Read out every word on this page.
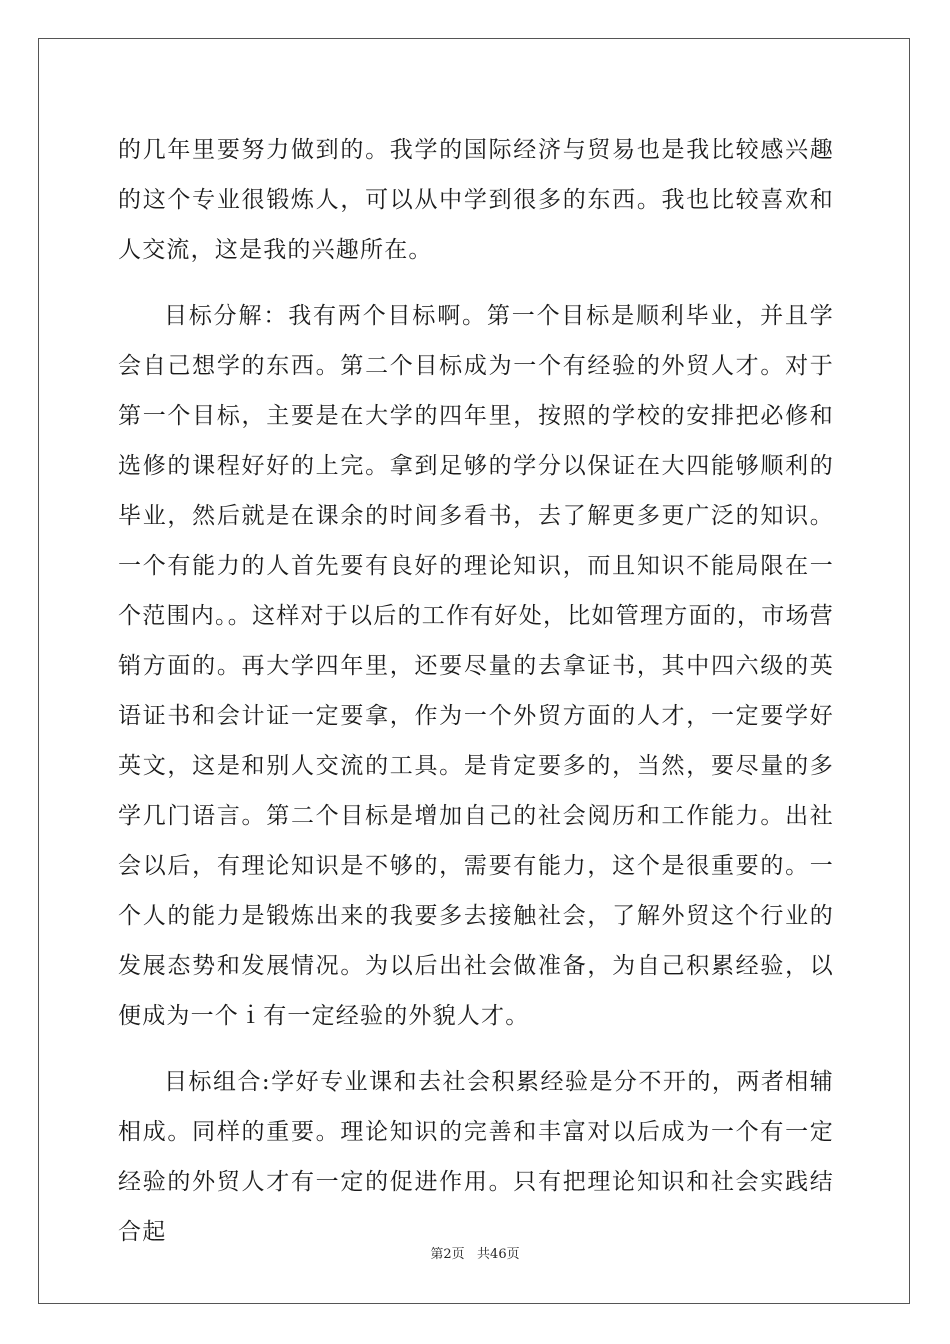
的几年里要努力做到的。我学的国际经济与贸易也是我比较感兴趣的这个专业很锻炼人，可以从中学到很多的东西。我也比较喜欢和人交流，这是我的兴趣所在。

目标分解：我有两个目标啊。第一个目标是顺利毕业，并且学会自己想学的东西。第二个目标成为一个有经验的外贸人才。对于第一个目标，主要是在大学的四年里，按照的学校的安排把必修和选修的课程好好的上完。拿到足够的学分以保证在大四能够顺利的毕业，然后就是在课余的时间多看书，去了解更多更广泛的知识。一个有能力的人首先要有良好的理论知识，而且知识不能局限在一个范围内。。这样对于以后的工作有好处，比如管理方面的，市场营销方面的。再大学四年里，还要尽量的去拿证书，其中四六级的英语证书和会计证一定要拿，作为一个外贸方面的人才，一定要学好英文，这是和别人交流的工具。是肯定要多的，当然，要尽量的多学几门语言。第二个目标是增加自己的社会阅历和工作能力。出社会以后，有理论知识是不够的，需要有能力，这个是很重要的。一个人的能力是锻炼出来的我要多去接触社会，了解外贸这个行业的发展态势和发展情况。为以后出社会做准备，为自己积累经验，以便成为一个ｉ有一定经验的外貌人才。

目标组合:学好专业课和去社会积累经验是分不开的，两者相辅相成。同样的重要。理论知识的完善和丰富对以后成为一个有一定经验的外贸人才有一定的促进作用。只有把理论知识和社会实践结合起

第2页   共46页
